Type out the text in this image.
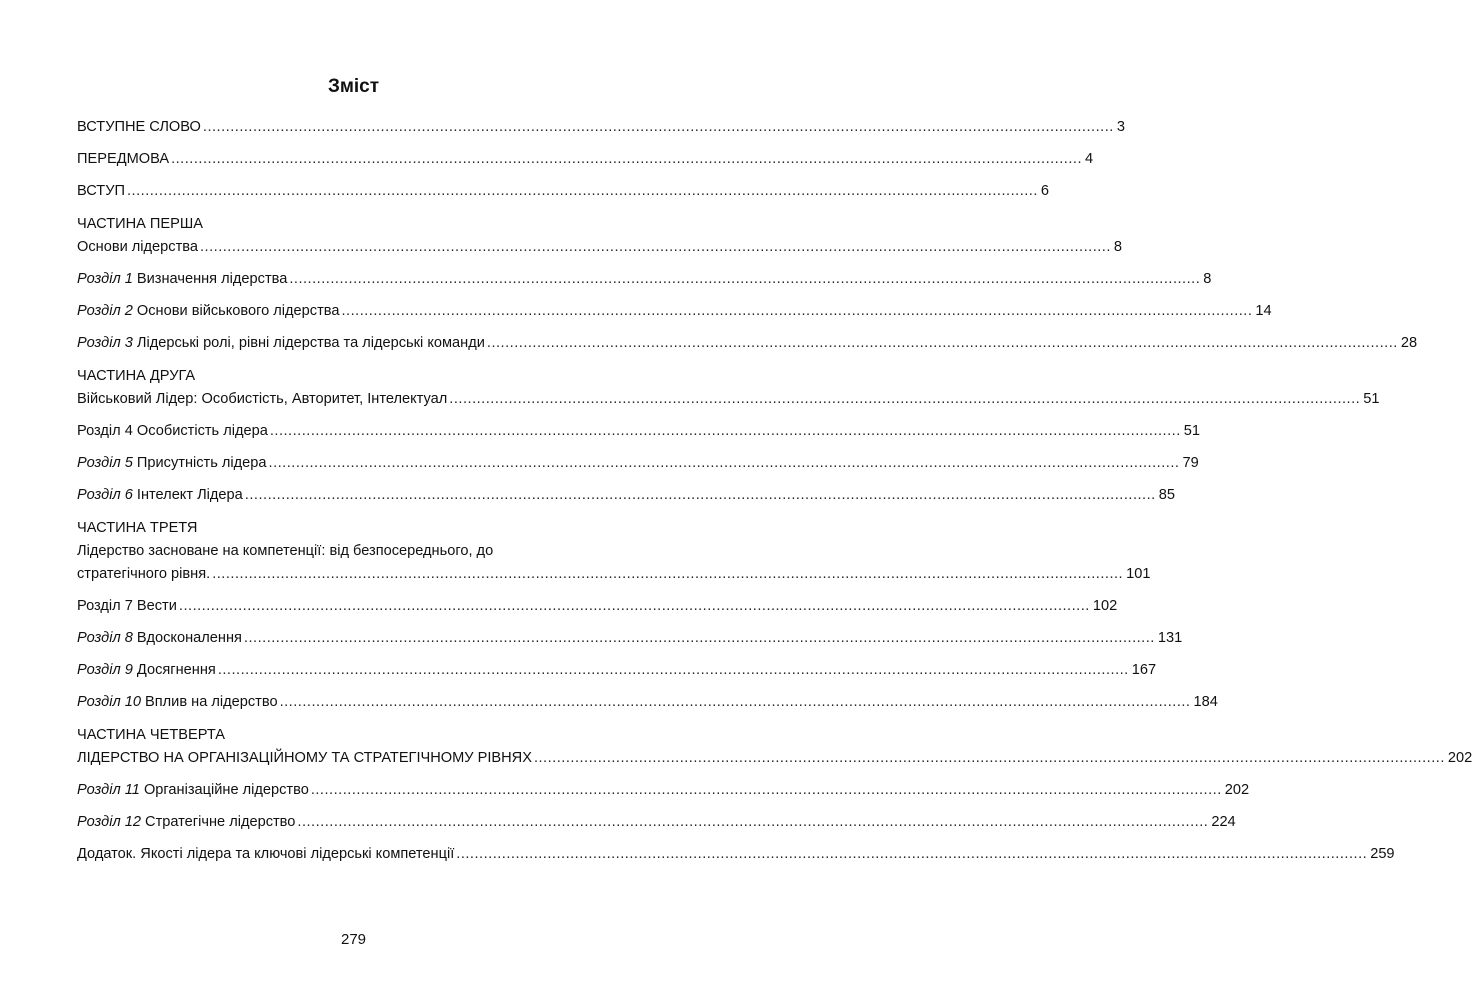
Зміст
ВСТУПНЕ СЛОВО ........................................................................................................................................................................................................ 3
ПЕРЕДМОВА ........................................................................................................................................................................................................ 4
ВСТУП ........................................................................................................................................................................................................ 6
ЧАСТИНА ПЕРША
Основи лідерства ........................................................................................................................................................................................................ 8
Розділ 1 Визначення лідерства ........................................................................................................................................................................................................ 8
Розділ 2 Основи військового лідерства ........................................................................................................................................................................................................ 14
Розділ 3 Лідерські ролі, рівні лідерства та лідерські команди ........................................................................................................................................................................................................ 28
ЧАСТИНА ДРУГА
Військовий Лідер: Особистість, Авторитет, Інтелектуал ........................................................................................................................................................................................................ 51
Розділ 4 Особистість лідера ........................................................................................................................................................................................................ 51
Розділ 5 Присутність лідера ........................................................................................................................................................................................................ 79
Розділ 6 Інтелект Лідера ........................................................................................................................................................................................................ 85
ЧАСТИНА ТРЕТЯ
Лідерство засноване на компетенції: від безпосереднього, до
стратегічного рівня. ........................................................................................................................................................................................................ 101
Розділ 7 Вести ........................................................................................................................................................................................................ 102
Розділ 8 Вдосконалення ........................................................................................................................................................................................................ 131
Розділ 9 Досягнення ........................................................................................................................................................................................................ 167
Розділ 10 Вплив на лідерство ........................................................................................................................................................................................................ 184
ЧАСТИНА ЧЕТВЕРТА
ЛІДЕРСТВО НА ОРГАНІЗАЦІЙНОМУ ТА СТРАТЕГІЧНОМУ РІВНЯХ ........................................................................................................................................................................................................ 202
Розділ 11 Організаційне лідерство ........................................................................................................................................................................................................ 202
Розділ 12 Стратегічне лідерство ........................................................................................................................................................................................................ 224
Додаток. Якості лідера та ключові лідерські компетенції ........................................................................................................................................................................................................ 259
279
